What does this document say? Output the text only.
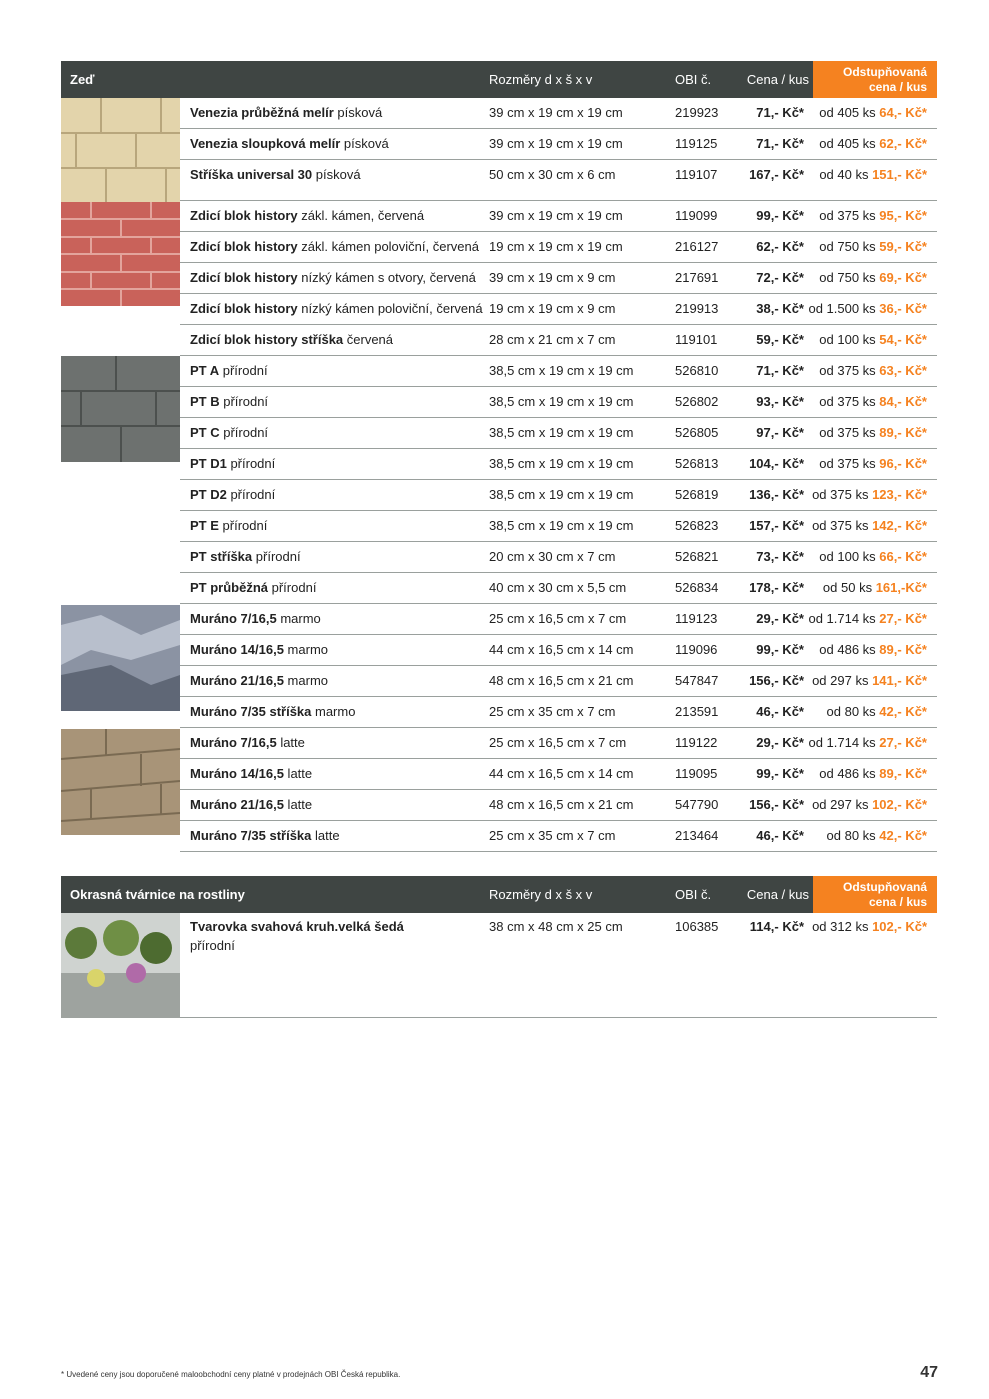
Zeď	Rozměry d x š x v	OBI č.	Cena / kus	Odstupňovaná
cena / kus
Venezia průběžná melír písková	39 cm x 19 cm x 19 cm	219923	71,- Kč* od 405 ks 64,- Kč*
Venezia sloupková melír písková	39 cm x 19 cm x 19 cm	119125	71,- Kč* od 405 ks 62,- Kč*
Stříška universal 30 písková	50 cm x 30 cm x 6 cm	119107 167,- Kč* od 40 ks 151,- Kč*
Zdicí blok history zákl. kámen, červená	39 cm x 19 cm x 19 cm	119099	99,- Kč* od 375 ks 95,- Kč*
Zdicí blok history zákl. kámen poloviční, červená 19 cm x 19 cm x 19 cm	216127	62,- Kč* od 750 ks 59,- Kč*
Zdicí blok history nízký kámen s otvory, červená 39 cm x 19 cm x 9 cm	217691	72,- Kč* od 750 ks 69,- Kč*
Zdicí blok history nízký kámen poloviční, červená 19 cm x 19 cm x 9 cm	219913	38,- Kč* od 1.500 ks 36,- Kč*
Zdicí blok history stříška červená	28 cm x 21 cm x 7 cm	119101	59,- Kč* od 100 ks 54,- Kč*
PT A přírodní	38,5 cm x 19 cm x 19 cm	526810	71,- Kč* od 375 ks 63,- Kč*
PT B přírodní	38,5 cm x 19 cm x 19 cm	526802	93,- Kč* od 375 ks 84,- Kč*
PT C přírodní	38,5 cm x 19 cm x 19 cm	526805	97,- Kč* od 375 ks 89,- Kč*
PT D1 přírodní	38,5 cm x 19 cm x 19 cm	526813 104,- Kč* od 375 ks 96,- Kč*
PT D2 přírodní	38,5 cm x 19 cm x 19 cm	526819 136,- Kč* od 375 ks 123,- Kč*
PT E přírodní	38,5 cm x 19 cm x 19 cm	526823 157,- Kč* od 375 ks 142,- Kč*
PT stříška přírodní	20 cm x 30 cm x 7 cm	526821	73,- Kč* od 100 ks 66,- Kč*
PT průběžná přírodní	40 cm x 30 cm x 5,5 cm	526834 178,- Kč* od 50 ks 161,-Kč*
Muráno 7/16,5 marmo	25 cm x 16,5 cm x 7 cm	119123	29,- Kč* od 1.714 ks 27,- Kč*
Muráno 14/16,5 marmo	44 cm x 16,5 cm x 14 cm	119096	99,- Kč* od 486 ks 89,- Kč*
Muráno 21/16,5 marmo	48 cm x 16,5 cm x 21 cm	547847 156,- Kč* od 297 ks 141,- Kč*
Muráno 7/35 stříška marmo	25 cm x 35 cm x 7 cm	213591	46,- Kč* od 80 ks 42,- Kč*
Muráno 7/16,5 latte	25 cm x 16,5 cm x 7 cm	119122	29,- Kč* od 1.714 ks 27,- Kč*
Muráno 14/16,5 latte	44 cm x 16,5 cm x 14 cm	119095	99,- Kč* od 486 ks 89,- Kč*
Muráno 21/16,5 latte	48 cm x 16,5 cm x 21 cm	547790 156,- Kč* od 297 ks 102,- Kč*
Muráno 7/35 stříška latte	25 cm x 35 cm x 7 cm	213464	46,- Kč* od 80 ks 42,- Kč*
Okrasná tvárnice na rostliny	Rozměry d x š x v	OBI č.	Cena / kus	Odstupňovaná
cena / kus
Tvarovka svahová kruh.velká šedá
přírodní
38 cm x 48 cm x 25 cm	106385 114,- Kč* od 312 ks 102,- Kč*
* Uvedené ceny jsou doporučené maloobchodní ceny platné v prodejnách OBI Česká republika.	47
